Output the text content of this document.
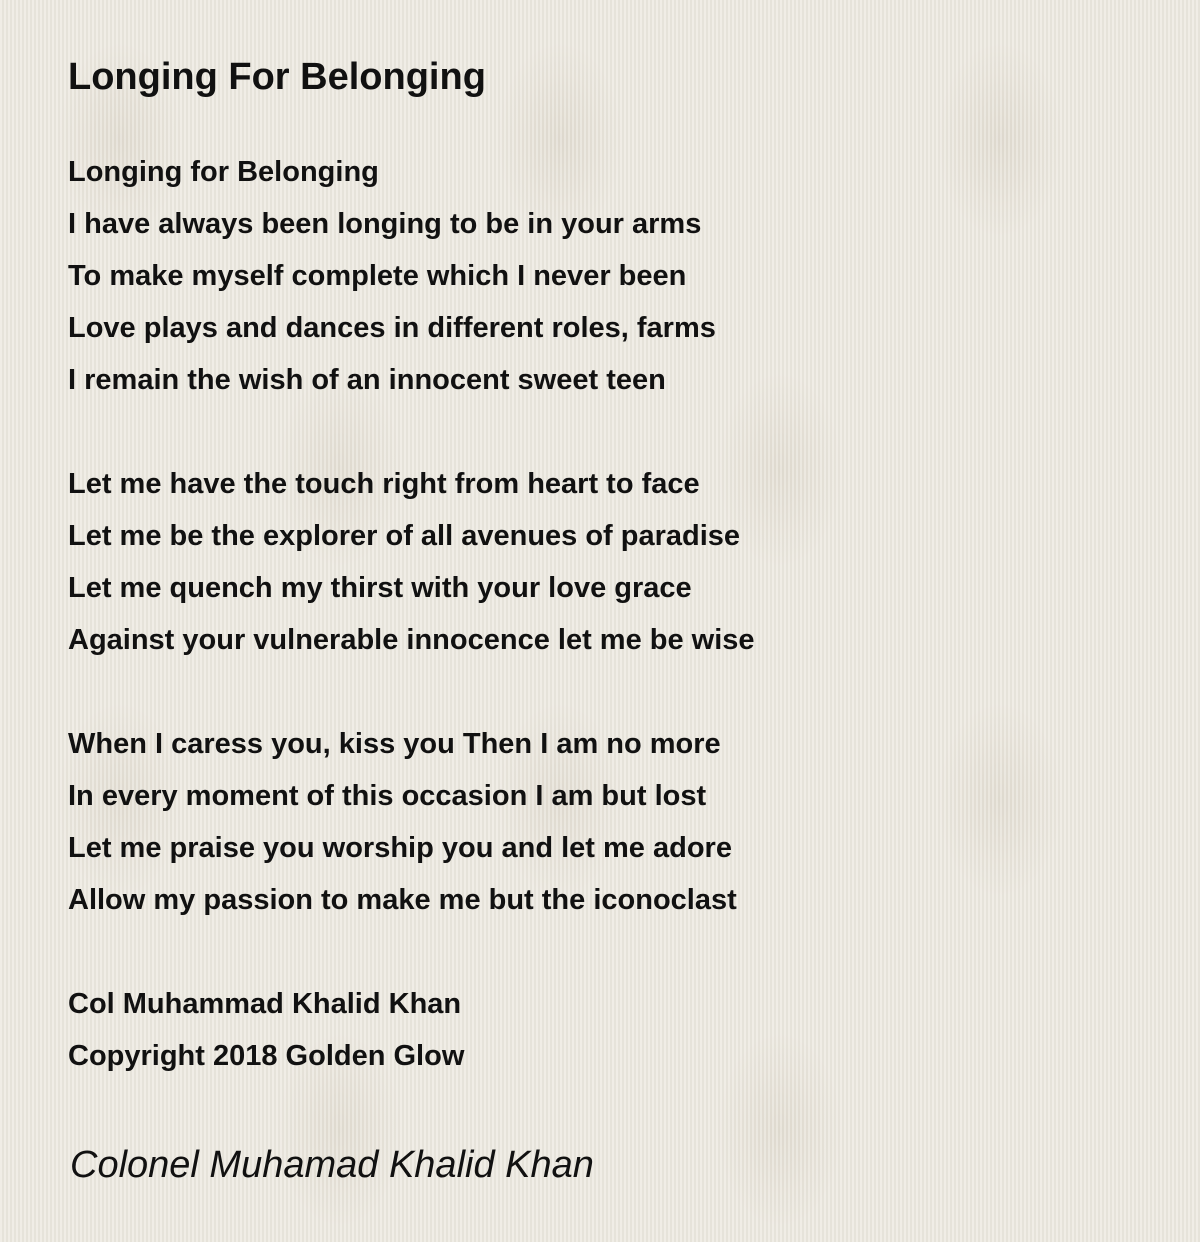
Longing For Belonging
Longing for Belonging
I have always been longing to be in your arms
To make myself complete which I never been
Love plays and dances in different roles, farms
I remain the wish of an innocent sweet teen
Let me have the touch right from heart to face
Let me be the explorer of all avenues of paradise
Let me quench my thirst with your love grace
Against your vulnerable innocence let me be wise
When I caress you, kiss you Then I am no more
In every moment of this occasion I am but lost
Let me praise you worship you and let me adore
Allow my passion to make me but the iconoclast
Col Muhammad Khalid Khan
Copyright 2018 Golden Glow
Colonel Muhamad Khalid Khan
